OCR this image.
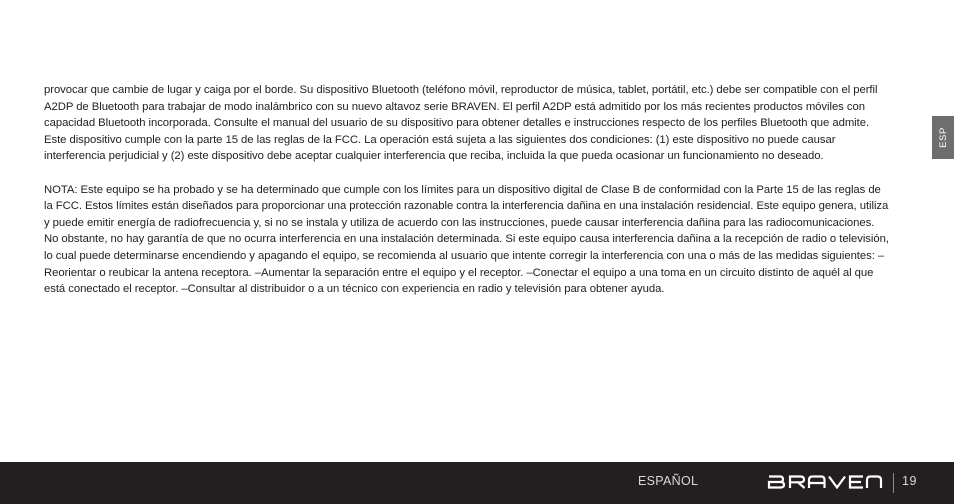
provocar que cambie de lugar y caiga por el borde. Su dispositivo Bluetooth (teléfono móvil, reproductor de música, tablet, portátil, etc.) debe ser compatible con el perfil A2DP de Bluetooth para trabajar de modo inalámbrico con su nuevo altavoz serie BRAVEN. El perfil A2DP está admitido por los más recientes productos móviles con capacidad Bluetooth incorporada. Consulte el manual del usuario de su dispositivo para obtener detalles e instrucciones respecto de los perfiles Bluetooth que admite.

Este dispositivo cumple con la parte 15 de las reglas de la FCC. La operación está sujeta a las siguientes dos condiciones: (1) este dispositivo no puede causar interferencia perjudicial y (2) este dispositivo debe aceptar cualquier interferencia que reciba, incluida la que pueda ocasionar un funcionamiento no deseado.

NOTA: Este equipo se ha probado y se ha determinado que cumple con los límites para un dispositivo digital de Clase B de conformidad con la Parte 15 de las reglas de la FCC. Estos límites están diseñados para proporcionar una protección razonable contra la interferencia dañina en una instalación residencial. Este equipo genera, utiliza y puede emitir energía de radiofrecuencia y, si no se instala y utiliza de acuerdo con las instrucciones, puede causar interferencia dañina para las radiocomunicaciones. No obstante, no hay garantía de que no ocurra interferencia en una instalación determinada. Si este equipo causa interferencia dañina a la recepción de radio o televisión, lo cual puede determinarse encendiendo y apagando el equipo, se recomienda al usuario que intente corregir la interferencia con una o más de las medidas siguientes: –Reorientar o reubicar la antena receptora. –Aumentar la separación entre el equipo y el receptor. –Conectar el equipo a una toma en un circuito distinto de aquél al que está conectado el receptor. –Consultar al distribuidor o a un técnico con experiencia en radio y televisión para obtener ayuda.

ESP
ESPAÑOL	19
